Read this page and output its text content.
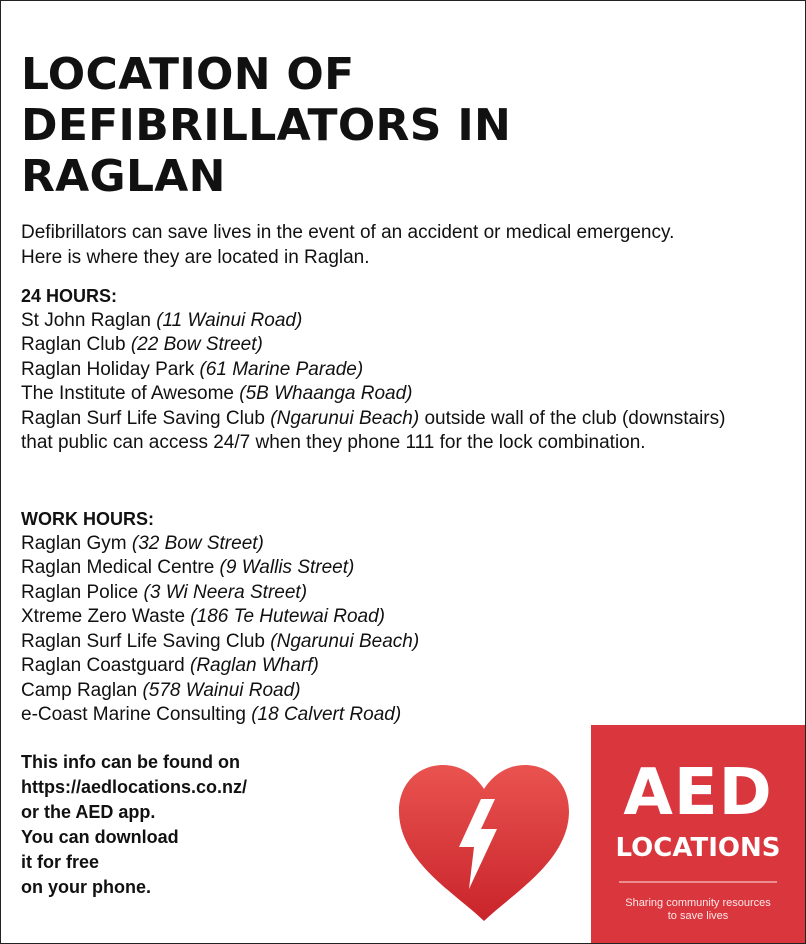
LOCATION OF DEFIBRILLATORS IN RAGLAN

Defibrillators can save lives in the event of an accident or medical emergency.
Here is where they are located in Raglan.

24 HOURS:
St John Raglan (11 Wainui Road)
Raglan Club (22 Bow Street)
Raglan Holiday Park (61 Marine Parade)
The Institute of Awesome (5B Whaanga Road)
Raglan Surf Life Saving Club (Ngarunui Beach) outside wall of the club (downstairs) that public can access 24/7 when they phone 111 for the lock combination.
WORK HOURS:
Raglan Gym (32 Bow Street)
Raglan Medical Centre (9 Wallis Street)
Raglan Police (3 Wi Neera Street)
Xtreme Zero Waste (186 Te Hutewai Road)
Raglan Surf Life Saving Club (Ngarunui Beach)
Raglan Coastguard (Raglan Wharf)
Camp Raglan (578 Wainui Road)
e-Coast Marine Consulting (18 Calvert Road)
This info can be found on
https://aedlocations.co.nz/
or the AED app.
You can download
it for free
on your phone.
AED
LOCATIONS
Sharing community resources
to save lives
